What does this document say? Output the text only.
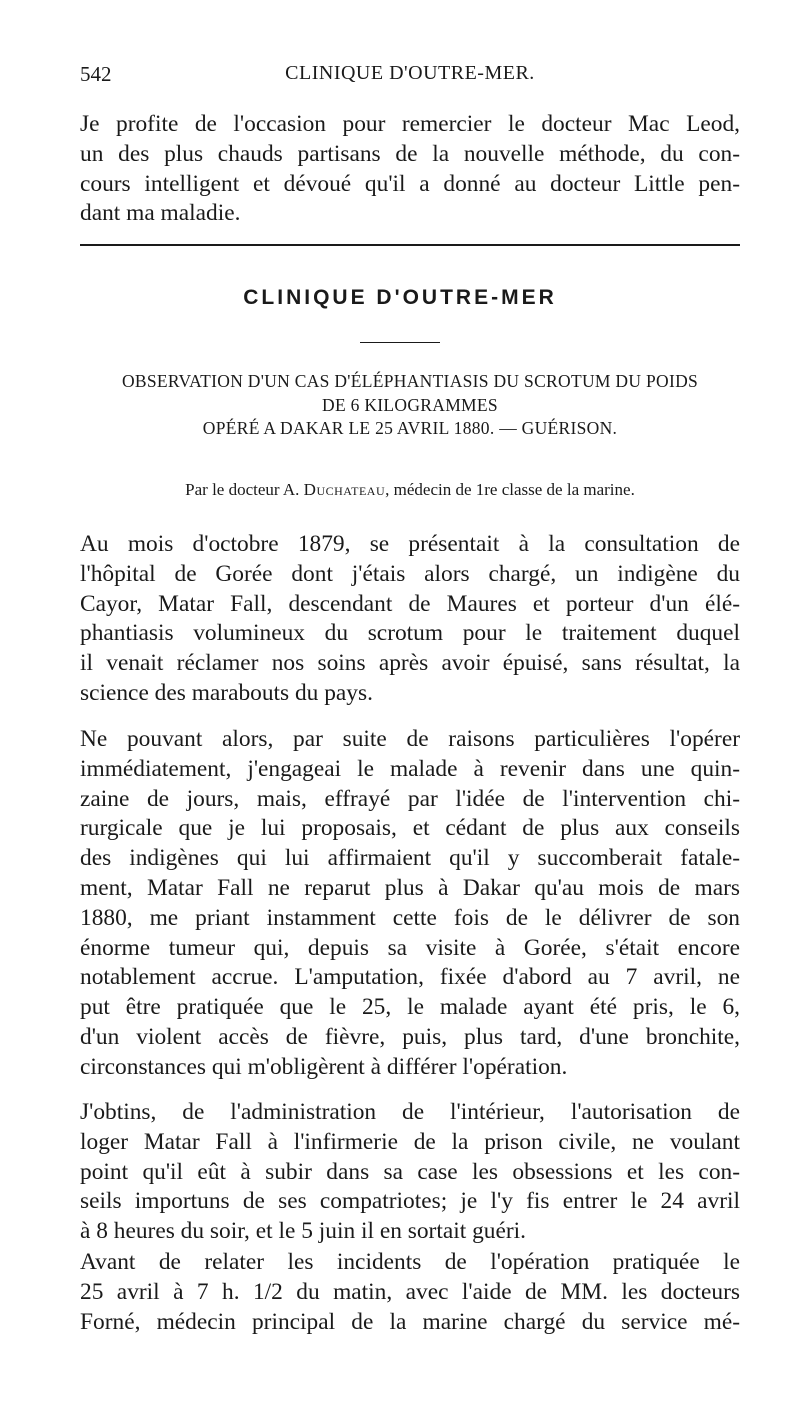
542	CLINIQUE D'OUTRE-MER.
Je profite de l'occasion pour remercier le docteur Mac Leod,
un des plus chauds partisans de la nouvelle méthode, du con-
cours intelligent et dévoué qu'il a donné au docteur Little pen-
dant ma maladie.
CLINIQUE D'OUTRE-MER
OBSERVATION D'UN CAS D'ÉLÉPHANTIASIS DU SCROTUM DU POIDS
DE 6 KILOGRAMMES
OPÉRÉ A DAKAR LE 25 AVRIL 1880. — GUÉRISON.
Par le docteur A. Duchateau, médecin de 1re classe de la marine.
Au mois d'octobre 1879, se présentait à la consultation de
l'hôpital de Gorée dont j'étais alors chargé, un indigène du
Cayor, Matar Fall, descendant de Maures et porteur d'un élé-
phantiasis volumineux du scrotum pour le traitement duquel
il venait réclamer nos soins après avoir épuisé, sans résultat, la
science des marabouts du pays.
Ne pouvant alors, par suite de raisons particulières l'opérer
immédiatement, j'engageai le malade à revenir dans une quin-
zaine de jours, mais, effrayé par l'idée de l'intervention chi-
rurgicale que je lui proposais, et cédant de plus aux conseils
des indigènes qui lui affirmaient qu'il y succomberait fatale-
ment, Matar Fall ne reparut plus à Dakar qu'au mois de mars
1880, me priant instamment cette fois de le délivrer de son
énorme tumeur qui, depuis sa visite à Gorée, s'était encore
notablement accrue. L'amputation, fixée d'abord au 7 avril, ne
put être pratiquée que le 25, le malade ayant été pris, le 6,
d'un violent accès de fièvre, puis, plus tard, d'une bronchite,
circonstances qui m'obligèrent à différer l'opération.
J'obtins, de l'administration de l'intérieur, l'autorisation de
loger Matar Fall à l'infirmerie de la prison civile, ne voulant
point qu'il eût à subir dans sa case les obsessions et les con-
seils importuns de ses compatriotes; je l'y fis entrer le 24 avril
à 8 heures du soir, et le 5 juin il en sortait guéri.
Avant de relater les incidents de l'opération pratiquée le
25 avril à 7 h. 1/2 du matin, avec l'aide de MM. les docteurs
Forné, médecin principal de la marine chargé du service mé-
